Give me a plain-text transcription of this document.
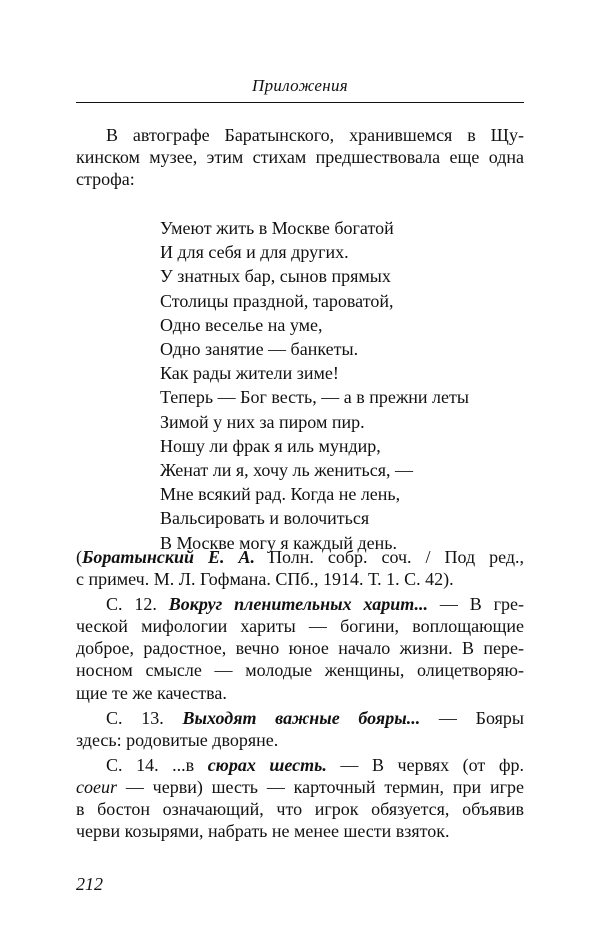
Приложения
В автографе Баратынского, хранившемся в Щу-
кинском музее, этим стихам предшествовала еще одна
строфа:
Умеют жить в Москве богатой
И для себя и для других.
У знатных бар, сынов прямых
Столицы праздной, тароватой,
Одно веселье на уме,
Одно занятие — банкеты.
Как рады жители зиме!
Теперь — Бог весть, — а в прежни леты
Зимой у них за пиром пир.
Ношу ли фрак я иль мундир,
Женат ли я, хочу ль жениться, —
Мне всякий рад. Когда не лень,
Вальсировать и волочиться
В Москве могу я каждый день.
(Боратынский Е. А. Полн. собр. соч. / Под ред.,
с примеч. М. Л. Гофмана. СПб., 1914. Т. 1. С. 42).
С. 12. Вокруг пленительных харит... — В гре-
ческой мифологии хариты — богини, воплощающие
доброе, радостное, вечно юное начало жизни. В пере-
носном смысле — молодые женщины, олицетворяю-
щие те же качества.
С. 13. Выходят важные бояры... — Бояры
здесь: родовитые дворяне.
С. 14. ...в сюрах шесть. — В червях (от фр.
coeur — черви) шесть — карточный термин, при игре
в бостон означающий, что игрок обязуется, объявив
черви козырями, набрать не менее шести взяток.
212
